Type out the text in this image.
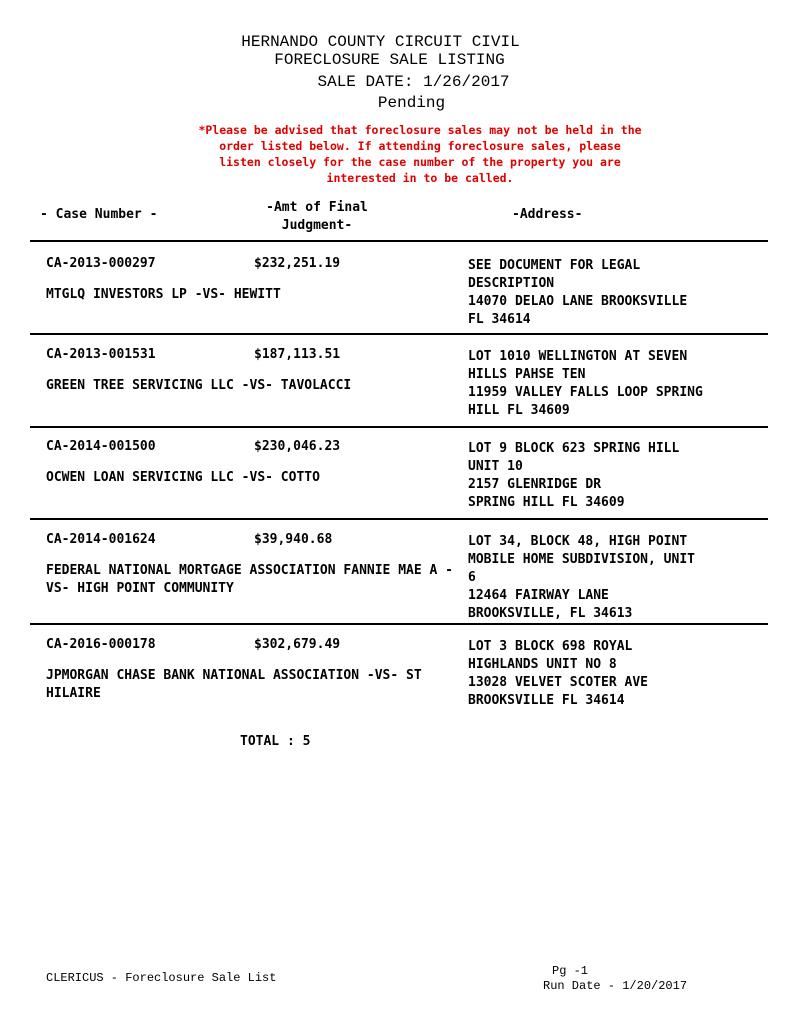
HERNANDO COUNTY CIRCUIT CIVIL
FORECLOSURE SALE LISTING
SALE DATE: 1/26/2017
Pending
*Please be advised that foreclosure sales may not be held in the order listed below. If attending foreclosure sales, please listen closely for the case number of the property you are interested in to be called.
- Case Number -	-Amt of Final Judgment-
-Address-
CA-2013-000297	$232,251.19
MTGLQ INVESTORS LP -VS- HEWITT
SEE DOCUMENT FOR LEGAL
DESCRIPTION
14070 DELAO LANE BROOKSVILLE
FL 34614
CA-2013-001531	$187,113.51
GREEN TREE SERVICING LLC -VS- TAVOLACCI
LOT 1010 WELLINGTON AT SEVEN
HILLS PAHSE TEN
11959 VALLEY FALLS LOOP SPRING
HILL FL 34609
CA-2014-001500	$230,046.23
OCWEN LOAN SERVICING LLC -VS- COTTO
LOT 9 BLOCK 623 SPRING HILL
UNIT 10
2157 GLENRIDGE DR
SPRING HILL FL 34609
CA-2014-001624	$39,940.68
FEDERAL NATIONAL MORTGAGE ASSOCIATION FANNIE MAE A -VS- HIGH POINT COMMUNITY
LOT 34, BLOCK 48, HIGH POINT
MOBILE HOME SUBDIVISION, UNIT
6
12464 FAIRWAY LANE
BROOKSVILLE, FL 34613
CA-2016-000178	$302,679.49
JPMORGAN CHASE BANK NATIONAL ASSOCIATION -VS- ST HILAIRE
LOT 3 BLOCK 698 ROYAL
HIGHLANDS UNIT NO 8
13028 VELVET SCOTER AVE
BROOKSVILLE FL 34614
TOTAL : 5
CLERICUS - Foreclosure Sale List	Pg -1
Run Date - 1/20/2017
